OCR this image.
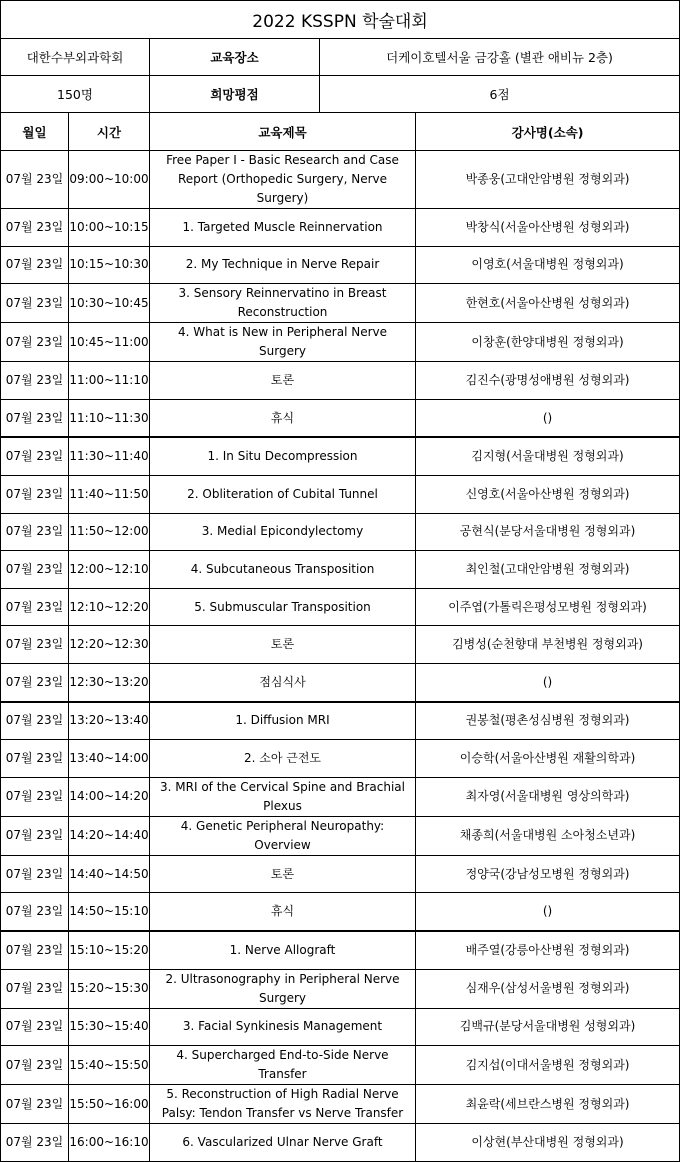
2022 KSSPN 학술대회				
대한수부외과학회		교육장소	더케이호텔서울 금강홀 (별관 애비뉴 2층)	
150명		희망평점	6점	
월일	시간	교육제목		강사명(소속)
07월 23일	09:00~10:00	Free Paper I - Basic Research and Case Report (Orthopedic Surgery, Nerve Surgery)		박종웅(고대안암병원 정형외과)
07월 23일	10:00~10:15	1. Targeted Muscle Reinnervation		박창식(서울아산병원 성형외과)
07월 23일	10:15~10:30	2. My Technique in Nerve Repair		이영호(서울대병원 정형외과)
07월 23일	10:30~10:45	3. Sensory Reinnervatino in Breast Reconstruction		한현호(서울아산병원 성형외과)
07월 23일	10:45~11:00	4. What is New in Peripheral Nerve Surgery		이창훈(한양대병원 정형외과)
07월 23일	11:00~11:10	토론		김진수(광명성애병원 성형외과)
07월 23일	11:10~11:30	휴식		()
07월 23일	11:30~11:40	1. In Situ Decompression		김지형(서울대병원 정형외과)
07월 23일	11:40~11:50	2. Obliteration of Cubital Tunnel		신영호(서울아산병원 정형외과)
07월 23일	11:50~12:00	3. Medial Epicondylectomy		공현식(분당서울대병원 정형외과)
07월 23일	12:00~12:10	4. Subcutaneous Transposition		최인철(고대안암병원 정형외과)
07월 23일	12:10~12:20	5. Submuscular Transposition		이주엽(가톨릭은평성모병원 정형외과)
07월 23일	12:20~12:30	토론		김병성(순천향대 부천병원 정형외과)
07월 23일	12:30~13:20	점심식사		()
07월 23일	13:20~13:40	1. Diffusion MRI		권봉철(평촌성심병원 정형외과)
07월 23일	13:40~14:00	2. 소아 근전도		이승학(서울아산병원 재활의학과)
07월 23일	14:00~14:20	3. MRI of the Cervical Spine and Brachial Plexus		최자영(서울대병원 영상의학과)
07월 23일	14:20~14:40	4. Genetic Peripheral Neuropathy: Overview		채종희(서울대병원 소아청소년과)
07월 23일	14:40~14:50	토론		정양국(강남성모병원 정형외과)
07월 23일	14:50~15:10	휴식		()
07월 23일	15:10~15:20	1. Nerve Allograft		배주열(강릉아산병원 정형외과)
07월 23일	15:20~15:30	2. Ultrasonography in Peripheral Nerve Surgery		심재우(삼성서울병원 정형외과)
07월 23일	15:30~15:40	3. Facial Synkinesis Management		김백규(분당서울대병원 성형외과)
07월 23일	15:40~15:50	4. Supercharged End-to-Side Nerve Transfer		김지섭(이대서울병원 정형외과)
07월 23일	15:50~16:00	5. Reconstruction of High Radial Nerve Palsy: Tendon Transfer vs Nerve Transfer		최윤락(세브란스병원 정형외과)
07월 23일	16:00~16:10	6. Vascularized Ulnar Nerve Graft		이상현(부산대병원 정형외과)
